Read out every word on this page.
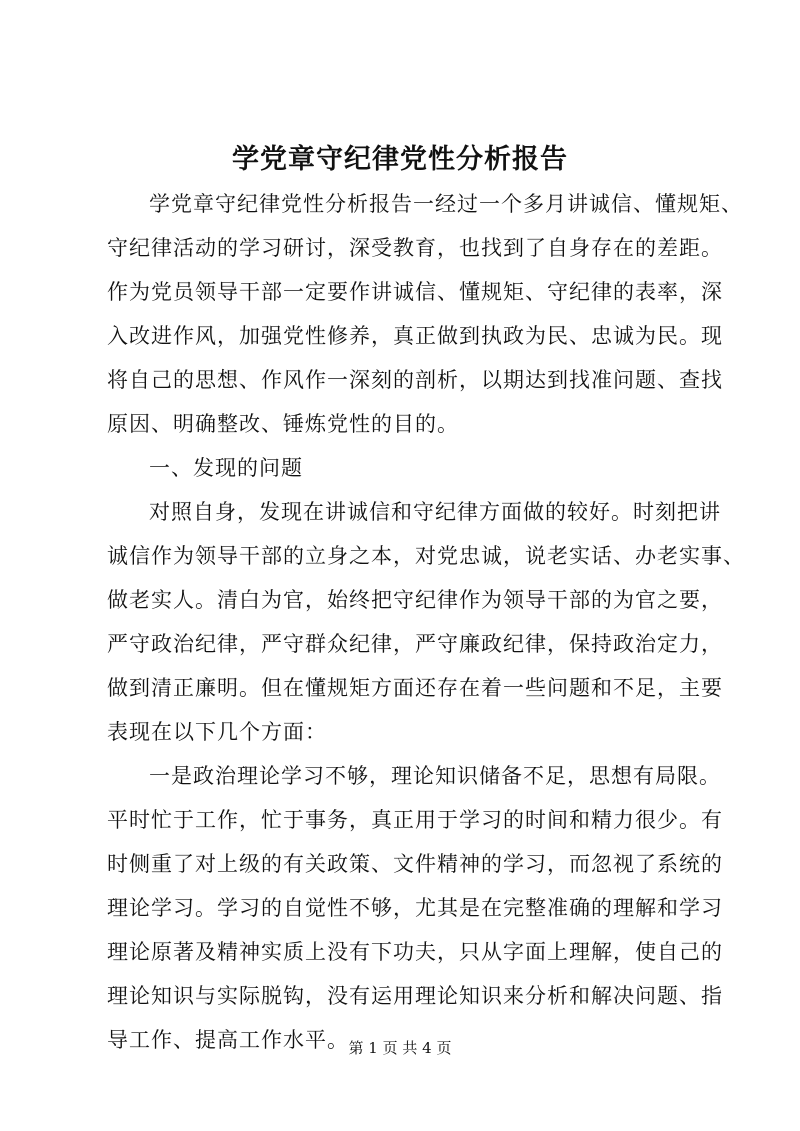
学党章守纪律党性分析报告
学党章守纪律党性分析报告一经过一个多月讲诚信、懂规矩、
守纪律活动的学习研讨，深受教育，也找到了自身存在的差距。
作为党员领导干部一定要作讲诚信、懂规矩、守纪律的表率，深
入改进作风，加强党性修养，真正做到执政为民、忠诚为民。现
将自己的思想、作风作一深刻的剖析，以期达到找准问题、查找
原因、明确整改、锤炼党性的目的。
一、发现的问题
对照自身，发现在讲诚信和守纪律方面做的较好。时刻把讲
诚信作为领导干部的立身之本，对党忠诚，说老实话、办老实事、
做老实人。清白为官，始终把守纪律作为领导干部的为官之要，
严守政治纪律，严守群众纪律，严守廉政纪律，保持政治定力，
做到清正廉明。但在懂规矩方面还存在着一些问题和不足，主要
表现在以下几个方面：
一是政治理论学习不够，理论知识储备不足，思想有局限。
平时忙于工作，忙于事务，真正用于学习的时间和精力很少。有
时侧重了对上级的有关政策、文件精神的学习，而忽视了系统的
理论学习。学习的自觉性不够，尤其是在完整准确的理解和学习
理论原著及精神实质上没有下功夫，只从字面上理解，使自己的
理论知识与实际脱钩，没有运用理论知识来分析和解决问题、指
导工作、提高工作水平。 第 1 页 共 4 页
